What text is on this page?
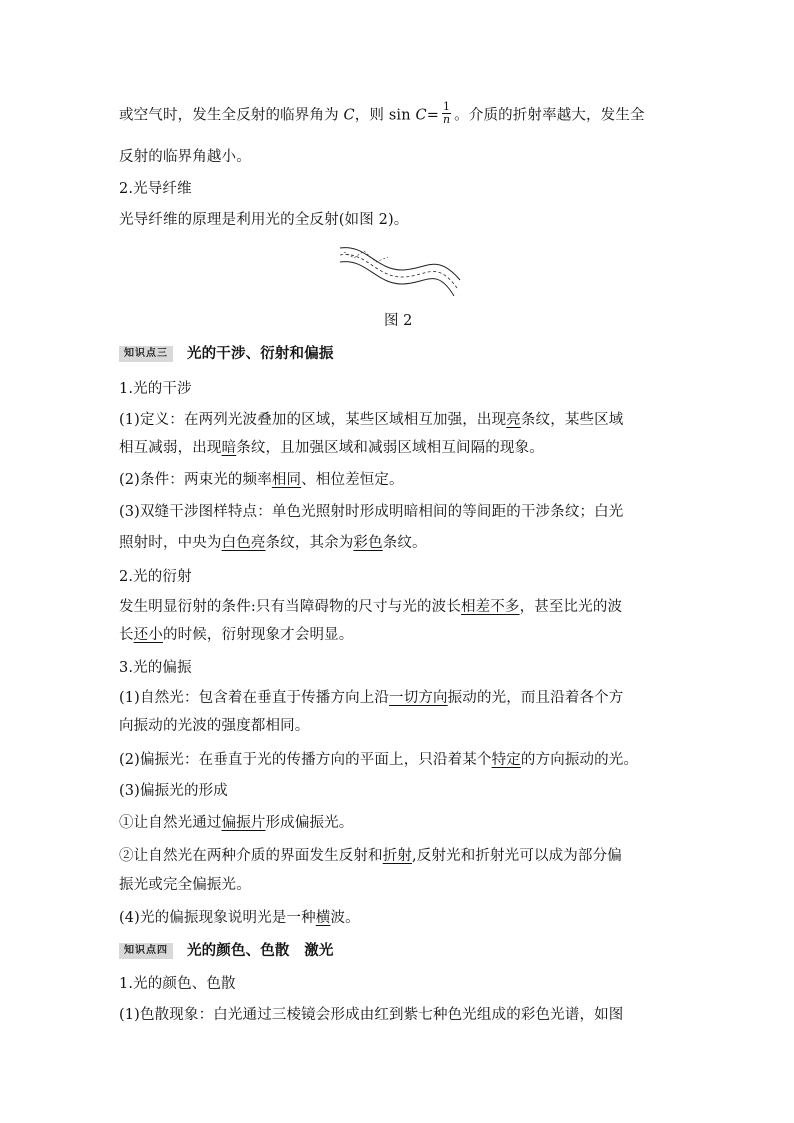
或空气时，发生全反射的临界角为 C，则 $\sin C= \frac{1}{n}$ 。介质的折射率越大，发生全
反射的临界角越小。
2.光导纤维
光导纤维的原理是利用光的全反射(如图 2)。
图 2
知识点三 光的干涉、衍射和偏振
1.光的干涉
(1)定义：在两列光波叠加的区域，某些区域相互加强，出现亮条纹，某些区域
相互减弱，出现暗条纹，且加强区域和减弱区域相互间隔的现象。
(2)条件：两束光的频率相同、相位差恒定。
(3)双缝干涉图样特点：单色光照射时形成明暗相间的等间距的干涉条纹；白光
照射时，中央为白色亮条纹，其余为彩色条纹。
2.光的衍射
发生明显衍射的条件:只有当障碍物的尺寸与光的波长相差不多，甚至比光的波
长还小的时候，衍射现象才会明显。
3.光的偏振
(1)自然光：包含着在垂直于传播方向上沿一切方向振动的光，而且沿着各个方
向振动的光波的强度都相同。
(2)偏振光：在垂直于光的传播方向的平面上，只沿着某个特定的方向振动的光。
(3)偏振光的形成
①让自然光通过偏振片形成偏振光。
②让自然光在两种介质的界面发生反射和折射,反射光和折射光可以成为部分偏
振光或完全偏振光。
(4)光的偏振现象说明光是一种横波。
知识点四 光的颜色、色散　激光
1.光的颜色、色散
(1)色散现象：白光通过三棱镜会形成由红到紫七种色光组成的彩色光谱，如图
